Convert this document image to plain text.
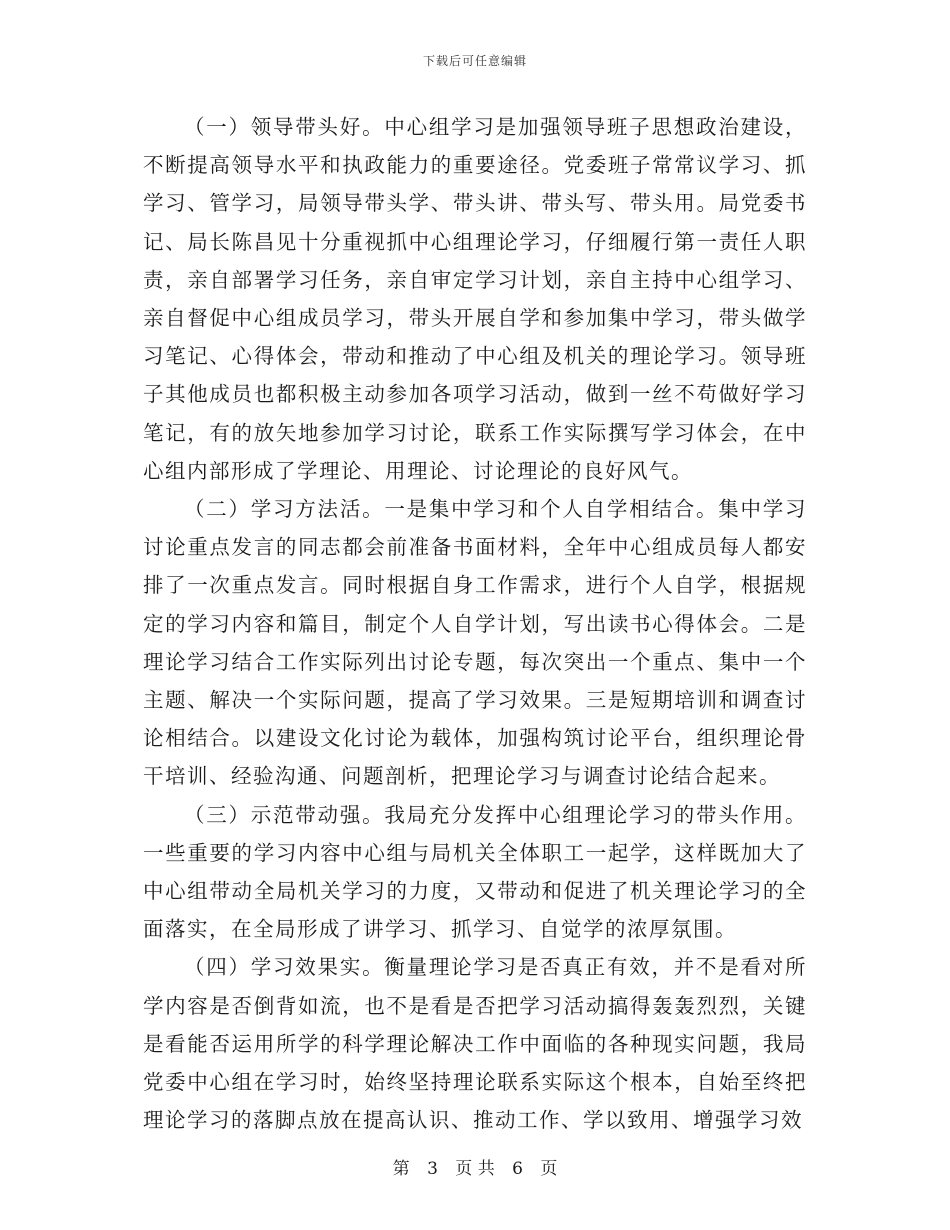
下载后可任意编辑

（一）领导带头好。中心组学习是加强领导班子思想政治建设，不断提高领导水平和执政能力的重要途径。党委班子常常议学习、抓学习、管学习，局领导带头学、带头讲、带头写、带头用。局党委书记、局长陈昌见十分重视抓中心组理论学习，仔细履行第一责任人职责，亲自部署学习任务，亲自审定学习计划，亲自主持中心组学习、亲自督促中心组成员学习，带头开展自学和参加集中学习，带头做学习笔记、心得体会，带动和推动了中心组及机关的理论学习。领导班子其他成员也都积极主动参加各项学习活动，做到一丝不苟做好学习笔记，有的放矢地参加学习讨论，联系工作实际撰写学习体会，在中心组内部形成了学理论、用理论、讨论理论的良好风气。

（二）学习方法活。一是集中学习和个人自学相结合。集中学习讨论重点发言的同志都会前准备书面材料，全年中心组成员每人都安排了一次重点发言。同时根据自身工作需求，进行个人自学，根据规定的学习内容和篇目，制定个人自学计划，写出读书心得体会。二是理论学习结合工作实际列出讨论专题，每次突出一个重点、集中一个主题、解决一个实际问题，提高了学习效果。三是短期培训和调查讨论相结合。以建设文化讨论为载体，加强构筑讨论平台，组织理论骨干培训、经验沟通、问题剖析，把理论学习与调查讨论结合起来。

（三）示范带动强。我局充分发挥中心组理论学习的带头作用。一些重要的学习内容中心组与局机关全体职工一起学，这样既加大了中心组带动全局机关学习的力度，又带动和促进了机关理论学习的全面落实，在全局形成了讲学习、抓学习、自觉学的浓厚氛围。

（四）学习效果实。衡量理论学习是否真正有效，并不是看对所学内容是否倒背如流，也不是看是否把学习活动搞得轰轰烈烈，关键是看能否运用所学的科学理论解决工作中面临的各种现实问题，我局党委中心组在学习时，始终坚持理论联系实际这个根本，自始至终把理论学习的落脚点放在提高认识、推动工作、学以致用、增强学习效

第 3 页 共 6 页
